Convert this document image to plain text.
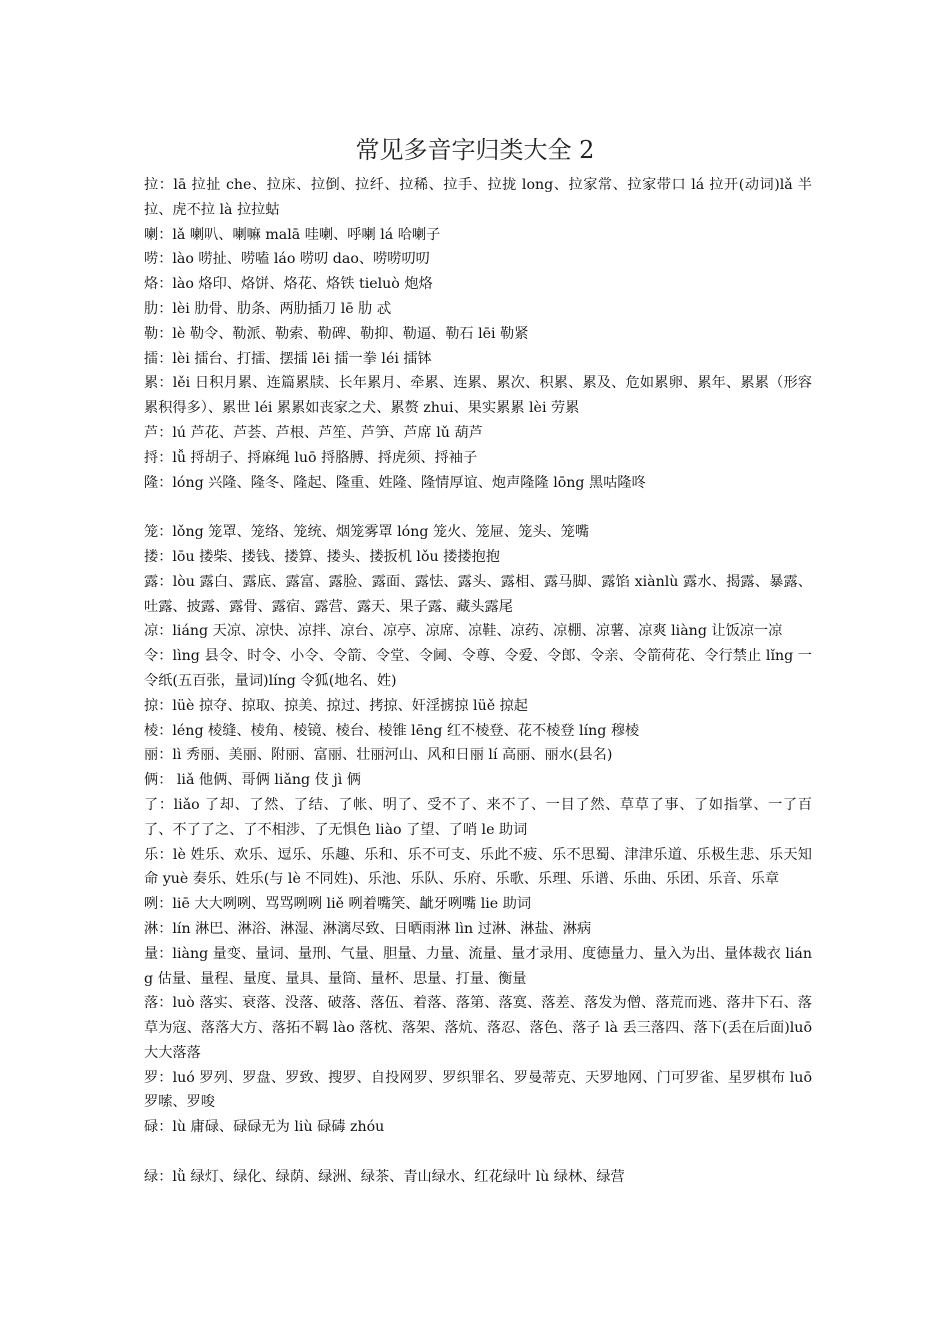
常见多音字归类大全 2

拉：lā 拉扯 che、拉床、拉倒、拉纤、拉稀、拉手、拉拢 long、拉家常、拉家带口 lá 拉开(动词)lǎ 半拉、虎不拉 là 拉拉蛄

喇：lǎ 喇叭、喇嘛 malā 哇喇、呼喇 lá 哈喇子

唠：lào 唠扯、唠嗑 láo 唠叨 dao、唠唠叨叨

烙：lào 烙印、烙饼、烙花、烙铁 tieluò 炮烙

肋：lèi 肋骨、肋条、两肋插刀 lē 肋 忒

勒：lè 勒令、勒派、勒索、勒碑、勒抑、勒逼、勒石 lēi 勒紧

擂：lèi 擂台、打擂、摆擂 lēi 擂一拳 léi 擂钵

累：lěi 日积月累、连篇累牍、长年累月、牵累、连累、累次、积累、累及、危如累卵、累年、累累（形容累积得多）、累世 léi 累累如丧家之犬、累赘 zhui、果实累累 lèi 劳累

芦：lú 芦花、芦荟、芦根、芦笙、芦笋、芦席 lǔ 葫芦

捋：lǚ 捋胡子、捋麻绳 luō 捋胳膊、捋虎须、捋袖子

隆：lóng 兴隆、隆冬、隆起、隆重、姓隆、隆情厚谊、炮声隆隆 lōng 黑咕隆咚

笼：lǒng 笼罩、笼络、笼统、烟笼雾罩 lóng 笼火、笼屉、笼头、笼嘴

搂：lōu 搂柴、搂钱、搂算、搂头、搂扳机 lǒu 搂搂抱抱

露：lòu 露白、露底、露富、露脸、露面、露怯、露头、露相、露马脚、露馅 xiànlù 露水、揭露、暴露、吐露、披露、露骨、露宿、露营、露天、果子露、藏头露尾

凉：liáng 天凉、凉快、凉拌、凉台、凉亭、凉席、凉鞋、凉药、凉棚、凉薯、凉爽 liàng 让饭凉一凉

令：lìng 县令、时令、小令、令箭、令堂、令阃、令尊、令爱、令郎、令亲、令箭荷花、令行禁止 lǐng 一令纸(五百张，量词)líng 令狐(地名、姓)

掠：lüè 掠夺、掠取、掠美、掠过、拷掠、奸淫掳掠 lüě 掠起

棱：léng 棱缝、棱角、棱镜、棱台、棱锥 lēng 红不棱登、花不棱登 líng 穆棱

丽：lì 秀丽、美丽、附丽、富丽、壮丽河山、风和日丽 lí 高丽、丽水(县名)

俩： liǎ 他俩、哥俩 liǎng 伎 jì 俩

了：liǎo 了却、了然、了结、了帐、明了、受不了、来不了、一目了然、草草了事、了如指掌、一了百了、不了了之、了不相涉、了无惧色 liào 了望、了哨 le 助词

乐：lè 姓乐、欢乐、逗乐、乐趣、乐和、乐不可支、乐此不疲、乐不思蜀、津津乐道、乐极生悲、乐天知命 yuè 奏乐、姓乐(与 lè 不同姓)、乐池、乐队、乐府、乐歌、乐理、乐谱、乐曲、乐团、乐音、乐章

咧：liē 大大咧咧、骂骂咧咧 liě 咧着嘴笑、龇牙咧嘴 lie 助词

淋：lín 淋巴、淋浴、淋湿、淋漓尽致、日晒雨淋 lìn 过淋、淋盐、淋病

量：liàng 量变、量词、量刑、气量、胆量、力量、流量、量才录用、度德量力、量入为出、量体裁衣 liáng 估量、量程、量度、量具、量筒、量杯、思量、打量、衡量

落：luò 落实、衰落、没落、破落、落伍、着落、落第、落寞、落差、落发为僧、落荒而逃、落井下石、落草为寇、落落大方、落拓不羁 lào 落枕、落架、落炕、落忍、落色、落子 là 丢三落四、落下(丢在后面)luō 大大落落

罗：luó 罗列、罗盘、罗致、搜罗、自投网罗、罗织罪名、罗曼蒂克、天罗地网、门可罗雀、星罗棋布 luō 罗嗦、罗唆

碌：lù 庸碌、碌碌无为 liù 碌碡 zhóu

绿：lǜ 绿灯、绿化、绿荫、绿洲、绿茶、青山绿水、红花绿叶 lù 绿林、绿营
